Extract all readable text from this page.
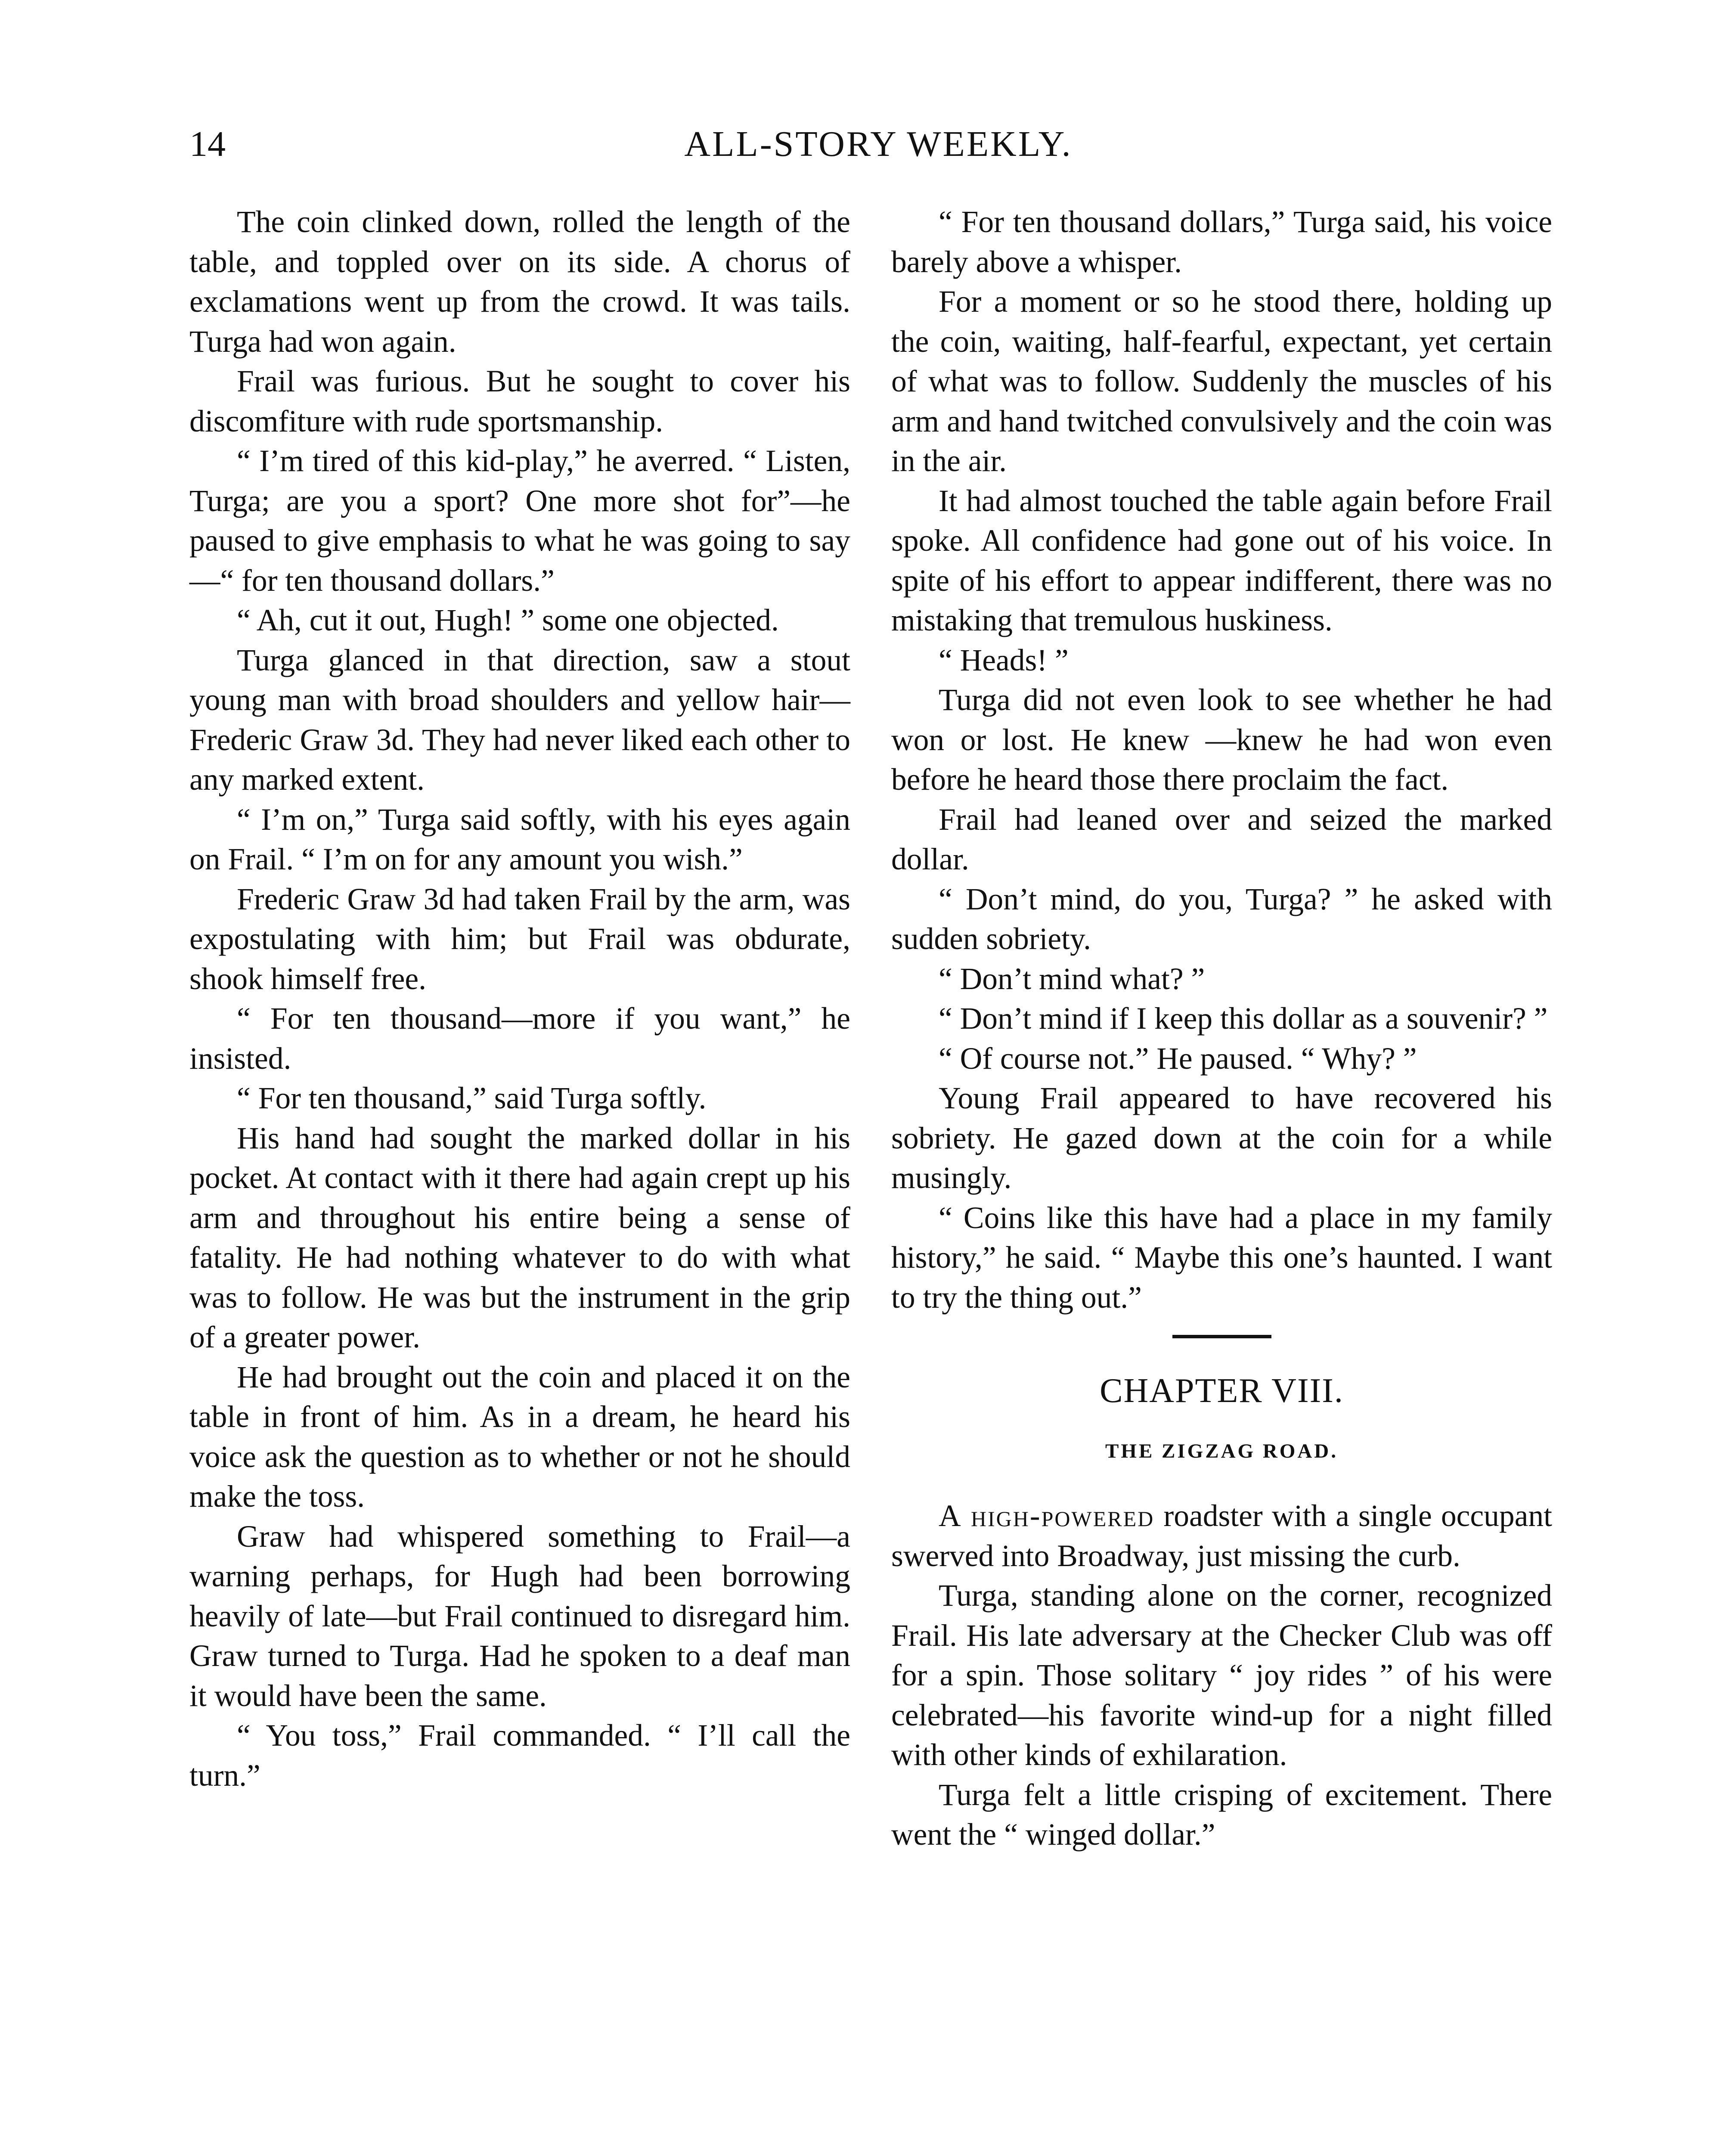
14	ALL-STORY WEEKLY.

The coin clinked down, rolled the length of the table, and toppled over on its side. A chorus of exclamations went up from the crowd. It was tails. Turga had won again.

Frail was furious. But he sought to cover his discomfiture with rude sportsmanship.

“ I’m tired of this kid-play,” he averred. “ Listen, Turga; are you a sport? One more shot for”—he paused to give emphasis to what he was going to say—“ for ten thousand dollars.”

“ Ah, cut it out, Hugh! ” some one objected.

Turga glanced in that direction, saw a stout young man with broad shoulders and yellow hair—Frederic Graw 3d. They had never liked each other to any marked extent.

“ I’m on,” Turga said softly, with his eyes again on Frail. “ I’m on for any amount you wish.”

Frederic Graw 3d had taken Frail by the arm, was expostulating with him; but Frail was obdurate, shook himself free.

“ For ten thousand—more if you want,” he insisted.

“ For ten thousand,” said Turga softly.

His hand had sought the marked dollar in his pocket. At contact with it there had again crept up his arm and throughout his entire being a sense of fatality. He had nothing whatever to do with what was to follow. He was but the instrument in the grip of a greater power.

He had brought out the coin and placed it on the table in front of him. As in a dream, he heard his voice ask the question as to whether or not he should make the toss.

Graw had whispered something to Frail—a warning perhaps, for Hugh had been borrowing heavily of late—but Frail continued to disregard him. Graw turned to Turga. Had he spoken to a deaf man it would have been the same.

“ You toss,” Frail commanded. “ I’ll call the turn.”

“ For ten thousand dollars,” Turga said, his voice barely above a whisper.

For a moment or so he stood there, holding up the coin, waiting, half-fearful, expectant, yet certain of what was to follow. Suddenly the muscles of his arm and hand twitched convulsively and the coin was in the air.

It had almost touched the table again before Frail spoke. All confidence had gone out of his voice. In spite of his effort to appear indifferent, there was no mistaking that tremulous huskiness.

“ Heads! ”

Turga did not even look to see whether he had won or lost. He knew —knew he had won even before he heard those there proclaim the fact.

Frail had leaned over and seized the marked dollar.

“ Don’t mind, do you, Turga? ” he asked with sudden sobriety.

“ Don’t mind what? ”

“ Don’t mind if I keep this dollar as a souvenir? ”

“ Of course not.” He paused. “ Why? ”

Young Frail appeared to have recovered his sobriety. He gazed down at the coin for a while musingly.

“ Coins like this have had a place in my family history,” he said. “ Maybe this one’s haunted. I want to try the thing out.”

CHAPTER VIII.
THE ZIGZAG ROAD.

A high-powered roadster with a single occupant swerved into Broadway, just missing the curb.

Turga, standing alone on the corner, recognized Frail. His late adversary at the Checker Club was off for a spin. Those solitary “ joy rides ” of his were celebrated—his favorite wind-up for a night filled with other kinds of exhilaration.

Turga felt a little crisping of excitement. There went the “ winged dollar.”
